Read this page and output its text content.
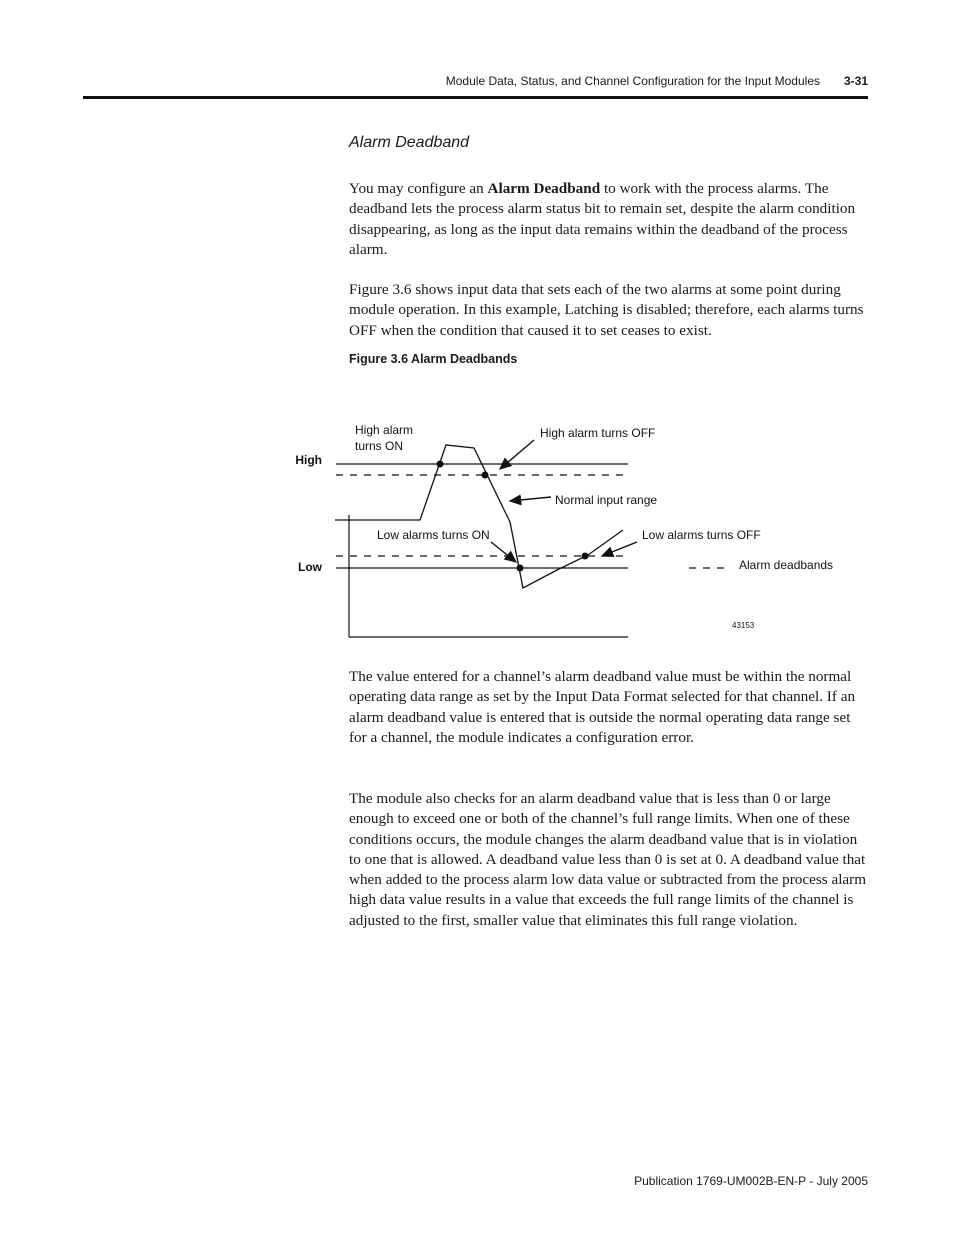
Module Data, Status, and Channel Configuration for the Input Modules 3-31
Alarm Deadband

You may configure an Alarm Deadband to work with the process alarms. The deadband lets the process alarm status bit to remain set, despite the alarm condition disappearing, as long as the input data remains within the deadband of the process alarm.

Figure 3.6 shows input data that sets each of the two alarms at some point during module operation. In this example, Latching is disabled; therefore, each alarms turns OFF when the condition that caused it to set ceases to exist.

Figure 3.6 Alarm Deadbands
High
Low
High alarm
turns ON
High alarm turns OFF
Normal input range
Low alarms turns ON	Low alarms turns OFF
Alarm deadbands
43153

The value entered for a channel’s alarm deadband value must be within the normal operating data range as set by the Input Data Format selected for that channel. If an alarm deadband value is entered that is outside the normal operating data range set for a channel, the module indicates a configuration error.

The module also checks for an alarm deadband value that is less than 0 or large enough to exceed one or both of the channel’s full range limits. When one of these conditions occurs, the module changes the alarm deadband value that is in violation to one that is allowed. A deadband value less than 0 is set at 0. A deadband value that when added to the process alarm low data value or subtracted from the process alarm high data value results in a value that exceeds the full range limits of the channel is adjusted to the first, smaller value that eliminates this full range violation.

Publication 1769-UM002B-EN-P - July 2005
